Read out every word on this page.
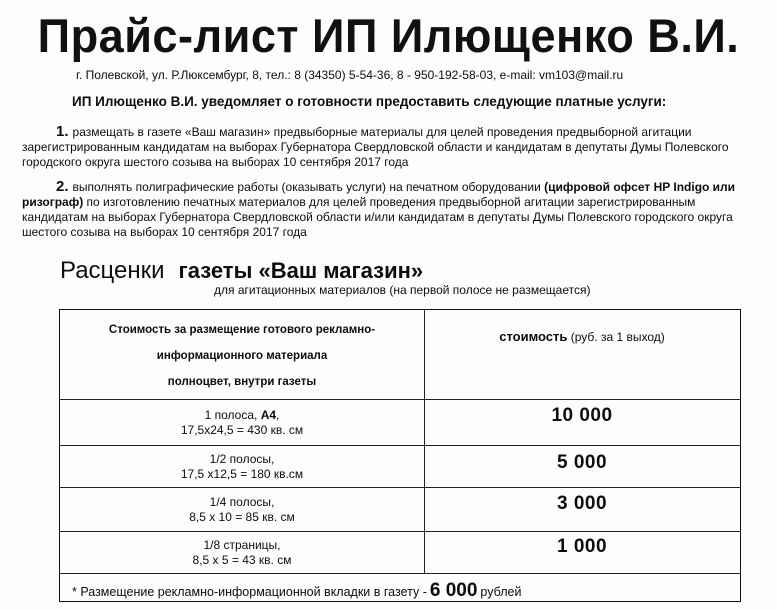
Прайс-лист ИП Илющенко В.И.
г. Полевской, ул. Р.Люксембург, 8, тел.: 8 (34350) 5-54-36, 8 - 950-192-58-03, e-mail: vm103@mail.ru
ИП Илющенко В.И. уведомляет о готовности предоставить следующие платные услуги:
1. размещать в газете «Ваш магазин» предвыборные материалы для целей проведения предвыборной агитации зарегистрированным кандидатам на выборах Губернатора Свердловской области и кандидатам в депутаты Думы Полевского городского округа шестого созыва на выборах 10 сентября 2017 года
2. выполнять полиграфические работы (оказывать услуги) на печатном оборудовании (цифровой офсет HP Indigo или ризограф) по изготовлению печатных материалов для целей проведения предвыборной агитации зарегистрированным кандидатам на выборах Губернатора Свердловской области и/или кандидатам в депутаты Думы Полевского городского округа шестого созыва на выборах 10 сентября 2017 года
Расценки газеты «Ваш магазин»
для агитационных материалов (на первой полосе не размещается)
Стоимость за размещение готового рекламно-
информационного материала
полноцвет, внутри газеты
стоимость (руб. за 1 выход)
1 полоса, А4,
17,5х24,5 = 430 кв. см
10 000
1/2 полосы,
17,5 х12,5 = 180 кв.см
5 000
1/4 полосы,
8,5 х 10 = 85 кв. см
3 000
1/8 страницы,
8,5 х 5 = 43 кв. см
1 000
* Размещение рекламно-информационной вкладки в газету - 6 000 рублей
